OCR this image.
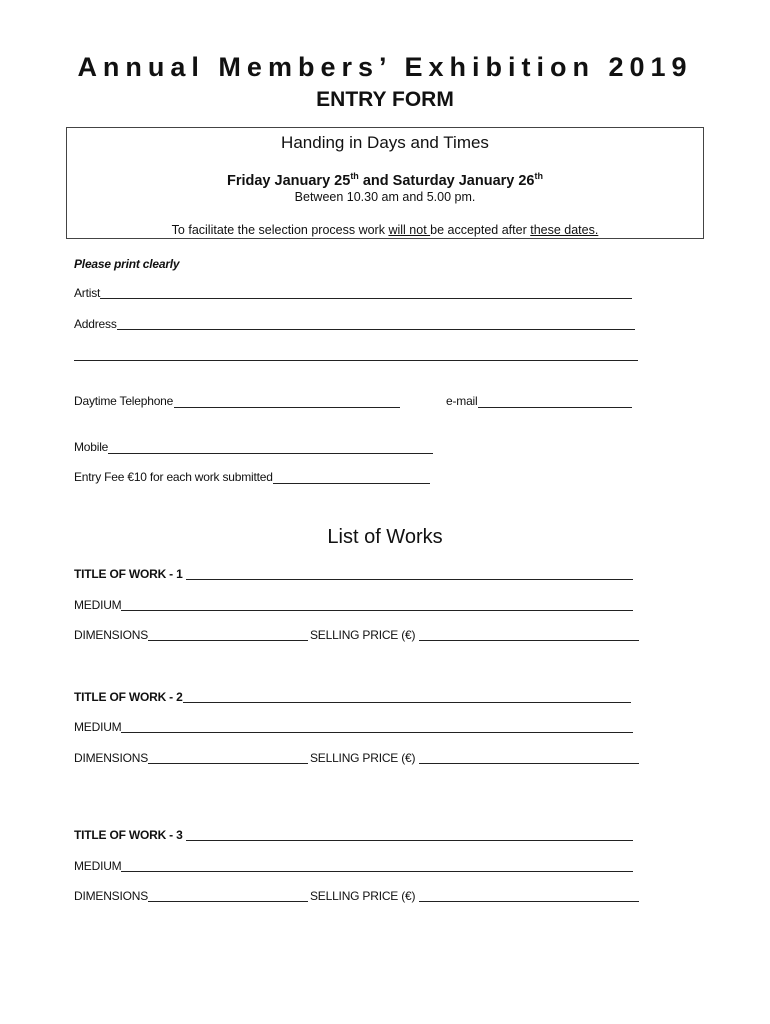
Annual Members’ Exhibition 2019
ENTRY FORM
Handing in Days and Times
Friday January 25th and Saturday January 26th
Between 10.30 am and 5.00 pm.
To facilitate the selection process work will not be accepted after these dates.
Please print clearly
Artist
Address
Daytime Telephone	e-mail
Mobile
Entry Fee €10 for each work submitted
List of Works
TITLE OF WORK - 1
MEDIUM
DIMENSIONS	SELLING PRICE (€)
TITLE OF WORK - 2
MEDIUM
DIMENSIONS	SELLING PRICE (€)
TITLE OF WORK - 3
MEDIUM
DIMENSIONS	SELLING PRICE (€)
